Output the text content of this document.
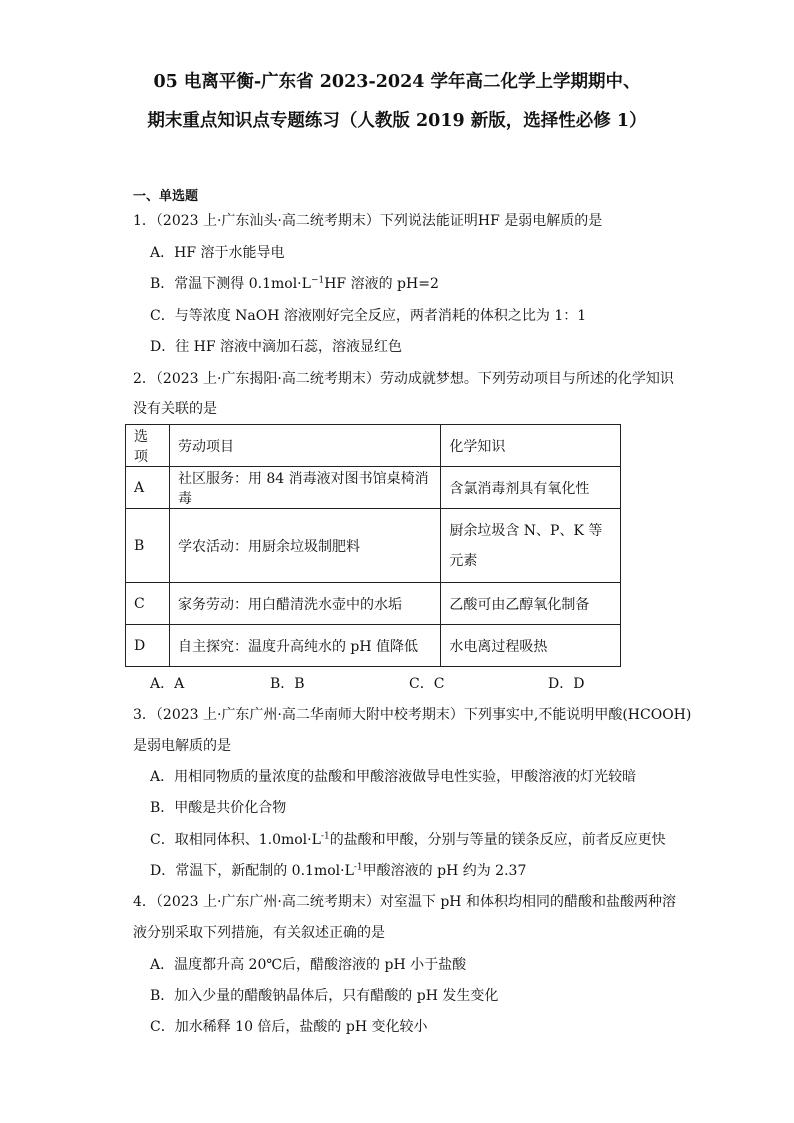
05 电离平衡-广东省 2023-2024 学年高二化学上学期期中、
期末重点知识点专题练习（人教版 2019 新版，选择性必修 1）
一、单选题
1．（2023 上·广东汕头·高二统考期末）下列说法能证明HF 是弱电解质的是
A．HF 溶于水能导电
B．常温下测得 $0.1mol\cdot L^{-1}HF$ 溶液的 pH=2
C．与等浓度 NaOH 溶液刚好完全反应，两者消耗的体积之比为 1：1
D．往 HF 溶液中滴加石蕊，溶液显红色
2．（2023 上·广东揭阳·高二统考期末）劳动成就梦想。下列劳动项目与所述的化学知识
没有关联的是
选项	劳动项目	化学知识
A	社区服务：用 84 消毒液对图书馆桌椅消毒	含氯消毒剂具有氧化性
B	学农活动：用厨余垃圾制肥料	厨余垃圾含 N、P、K 等元素
C	家务劳动：用白醋清洗水壶中的水垢	乙酸可由乙醇氧化制备
D	自主探究：温度升高纯水的 pH 值降低	水电离过程吸热
A．A	B．B	C．C	D．D
3．（2023 上·广东广州·高二华南师大附中校考期末）下列事实中,不能说明甲酸(HCOOH)
是弱电解质的是
A．用相同物质的量浓度的盐酸和甲酸溶液做导电性实验，甲酸溶液的灯光较暗
B．甲酸是共价化合物
C．取相同体积、$1.0mol\cdot L^{-1}$的盐酸和甲酸，分别与等量的镁条反应，前者反应更快
D．常温下，新配制的 $0.1mol\cdot L^{-1}$甲酸溶液的 pH 约为 2.37
4．（2023 上·广东广州·高二统考期末）对室温下 pH 和体积均相同的醋酸和盐酸两种溶
液分别采取下列措施，有关叙述正确的是
A．温度都升高 20℃后，醋酸溶液的 pH 小于盐酸
B．加入少量的醋酸钠晶体后，只有醋酸的 pH 发生变化
C．加水稀释 10 倍后，盐酸的 pH 变化较小
